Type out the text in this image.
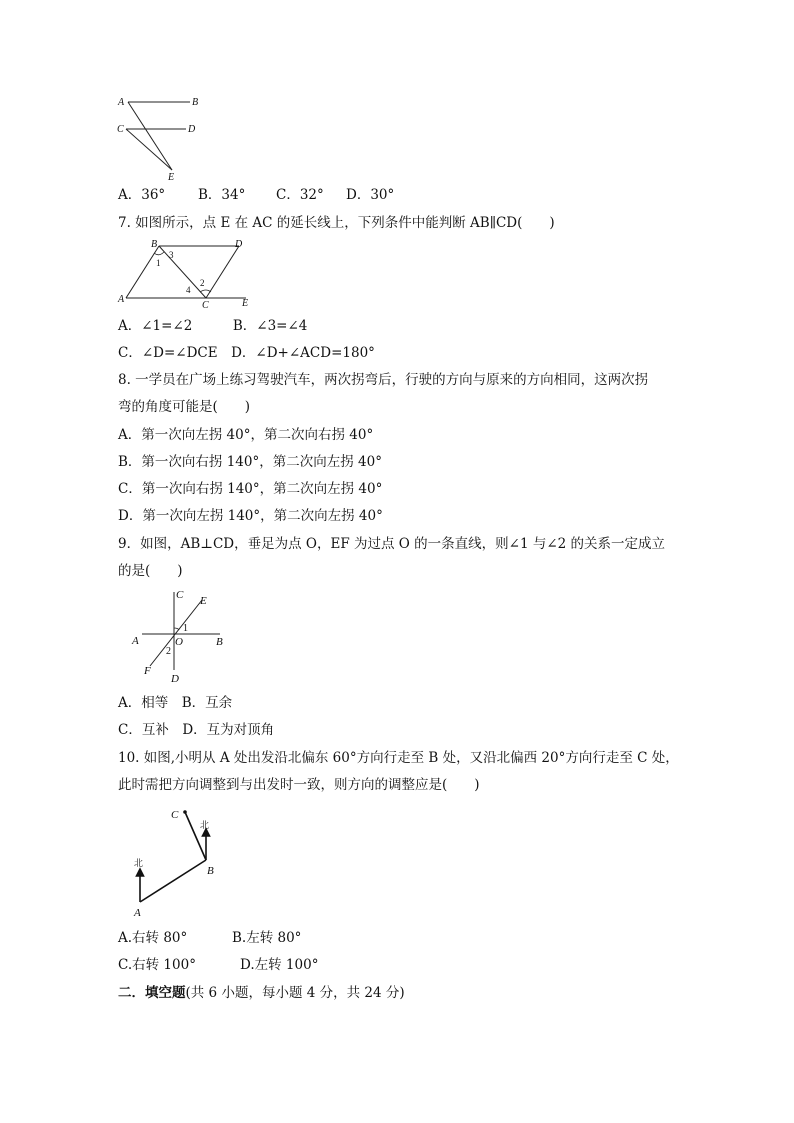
A	B
C	D
E
A．36° B．34° C．32° D．30°
7. 如图所示，点 E 在 AC 的延长线上，下列条件中能判断 AB∥CD(　　)
B	D
A
C	E
1
3
2
4
A．∠1=∠2　　　B．∠3=∠4
C．∠D=∠DCE　D．∠D+∠ACD=180°
8. 一学员在广场上练习驾驶汽车，两次拐弯后，行驶的方向与原来的方向相同，这两次拐
弯的角度可能是(　　)
A．第一次向左拐 40°，第二次向右拐 40°
B．第一次向右拐 140°，第二次向左拐 40°
C．第一次向右拐 140°，第二次向左拐 40°
D．第一次向左拐 140°，第二次向左拐 40°
9．如图，AB⊥CD，垂足为点 O，EF 为过点 O 的一条直线，则∠1 与∠2 的关系一定成立
的是(　　)
C E
A	O	B
F
D
1
2
A．相等　B．互余
C．互补　D．互为对顶角
10. 如图,小明从 A 处出发沿北偏东 60°方向行走至 B 处，又沿北偏西 20°方向行走至 C 处，
此时需把方向调整到与出发时一致，则方向的调整应是(　　)
北
北
C
B
A
A.右转 80°	B.左转 80°
C.右转 100°	D.左转 100°
二．填空题(共 6 小题，每小题 4 分，共 24 分)
